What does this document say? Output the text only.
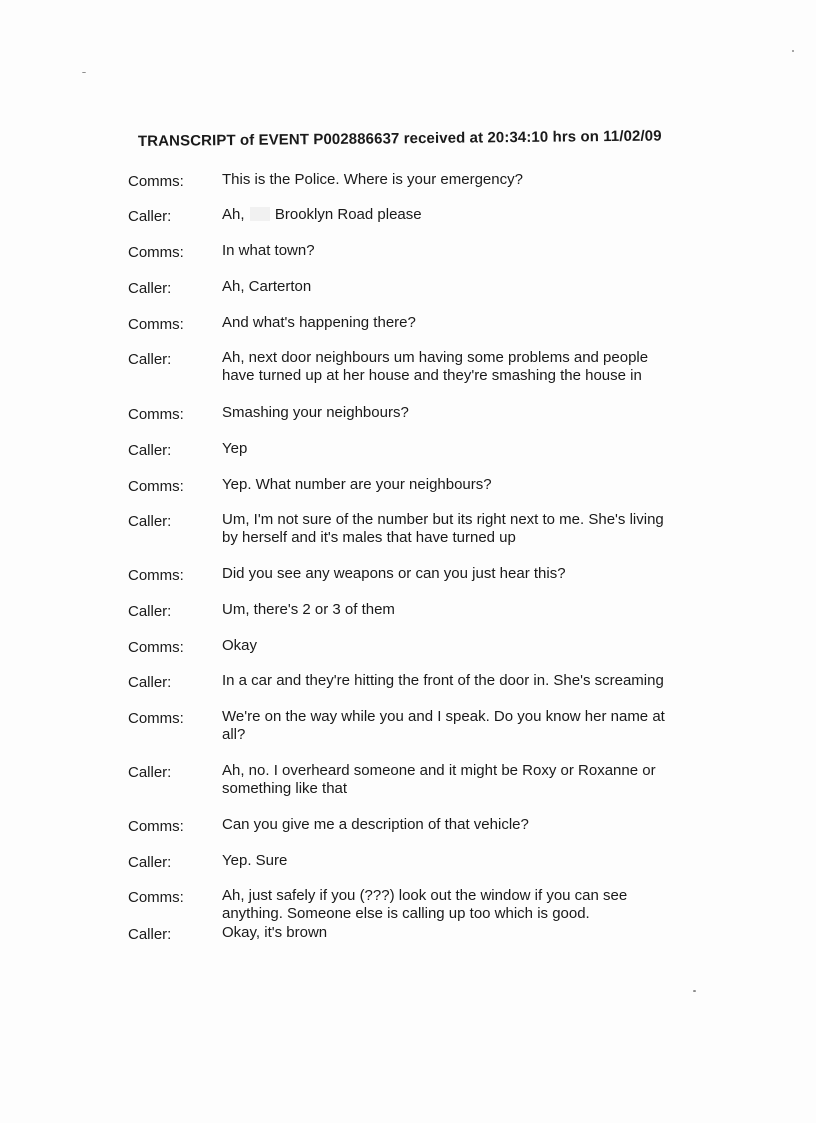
TRANSCRIPT of EVENT P002886637 received at 20:34:10 hrs on 11/02/09
Comms:	This is the Police. Where is your emergency?
Caller:	Ah, Brooklyn Road please
Comms:	In what town?
Caller:	Ah, Carterton
Comms:	And what's happening there?
Caller:	Ah, next door neighbours um having some problems and people
have turned up at her house and they're smashing the house in
Comms:	Smashing your neighbours?
Caller:	Yep
Comms:	Yep. What number are your neighbours?
Caller:	Um, I'm not sure of the number but its right next to me. She's living
by herself and it's males that have turned up
Comms:	Did you see any weapons or can you just hear this?
Caller:	Um, there's 2 or 3 of them
Comms:	Okay
Caller:	In a car and they're hitting the front of the door in. She's screaming
Comms:	We're on the way while you and I speak. Do you know her name at
all?
Caller:	Ah, no. I overheard someone and it might be Roxy or Roxanne or
something like that
Comms:	Can you give me a description of that vehicle?
Caller:	Yep. Sure
Comms:	Ah, just safely if you (???) look out the window if you can see
anything. Someone else is calling up too which is good.
Caller:	Okay, it's brown
